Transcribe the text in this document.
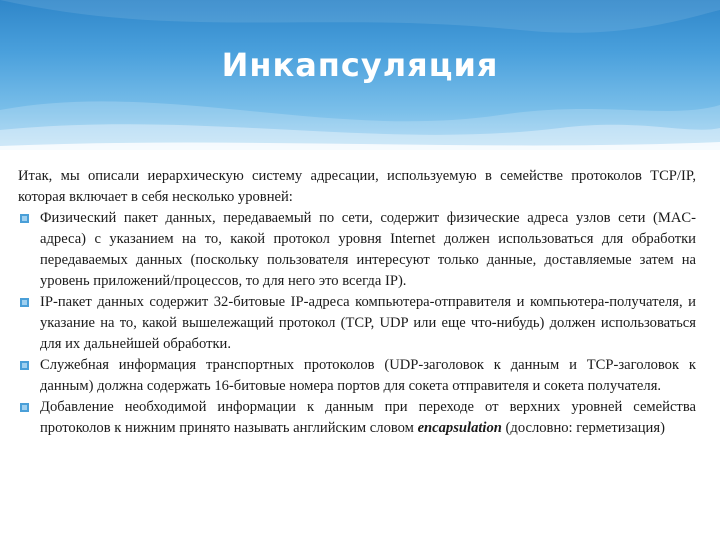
Инкапсуляция

Итак, мы описали иерархическую систему адресации, используемую в семействе протоколов TCP/IP, которая включает в себя несколько уровней:

Физический пакет данных, передаваемый по сети, содержит физические адреса узлов сети (MAC-адреса) с указанием на то, какой протокол уровня Internet должен использоваться для обработки передаваемых данных (поскольку пользователя интересуют только данные, доставляемые затем на уровень приложений/процессов, то для него это всегда IP).
IP-пакет данных содержит 32-битовые IP-адреса компьютера-отправителя и компьютера-получателя, и указание на то, какой вышележащий протокол (TCP, UDP или еще что-нибудь) должен использоваться для их дальнейшей обработки.
Служебная информация транспортных протоколов (UDP-заголовок к данным и TCP-заголовок к данным) должна содержать 16-битовые номера портов для сокета отправителя и сокета получателя.
Добавление необходимой информации к данным при переходе от верхних уровней семейства протоколов к нижним принято называть английским словом encapsulation (дословно: герметизация)
